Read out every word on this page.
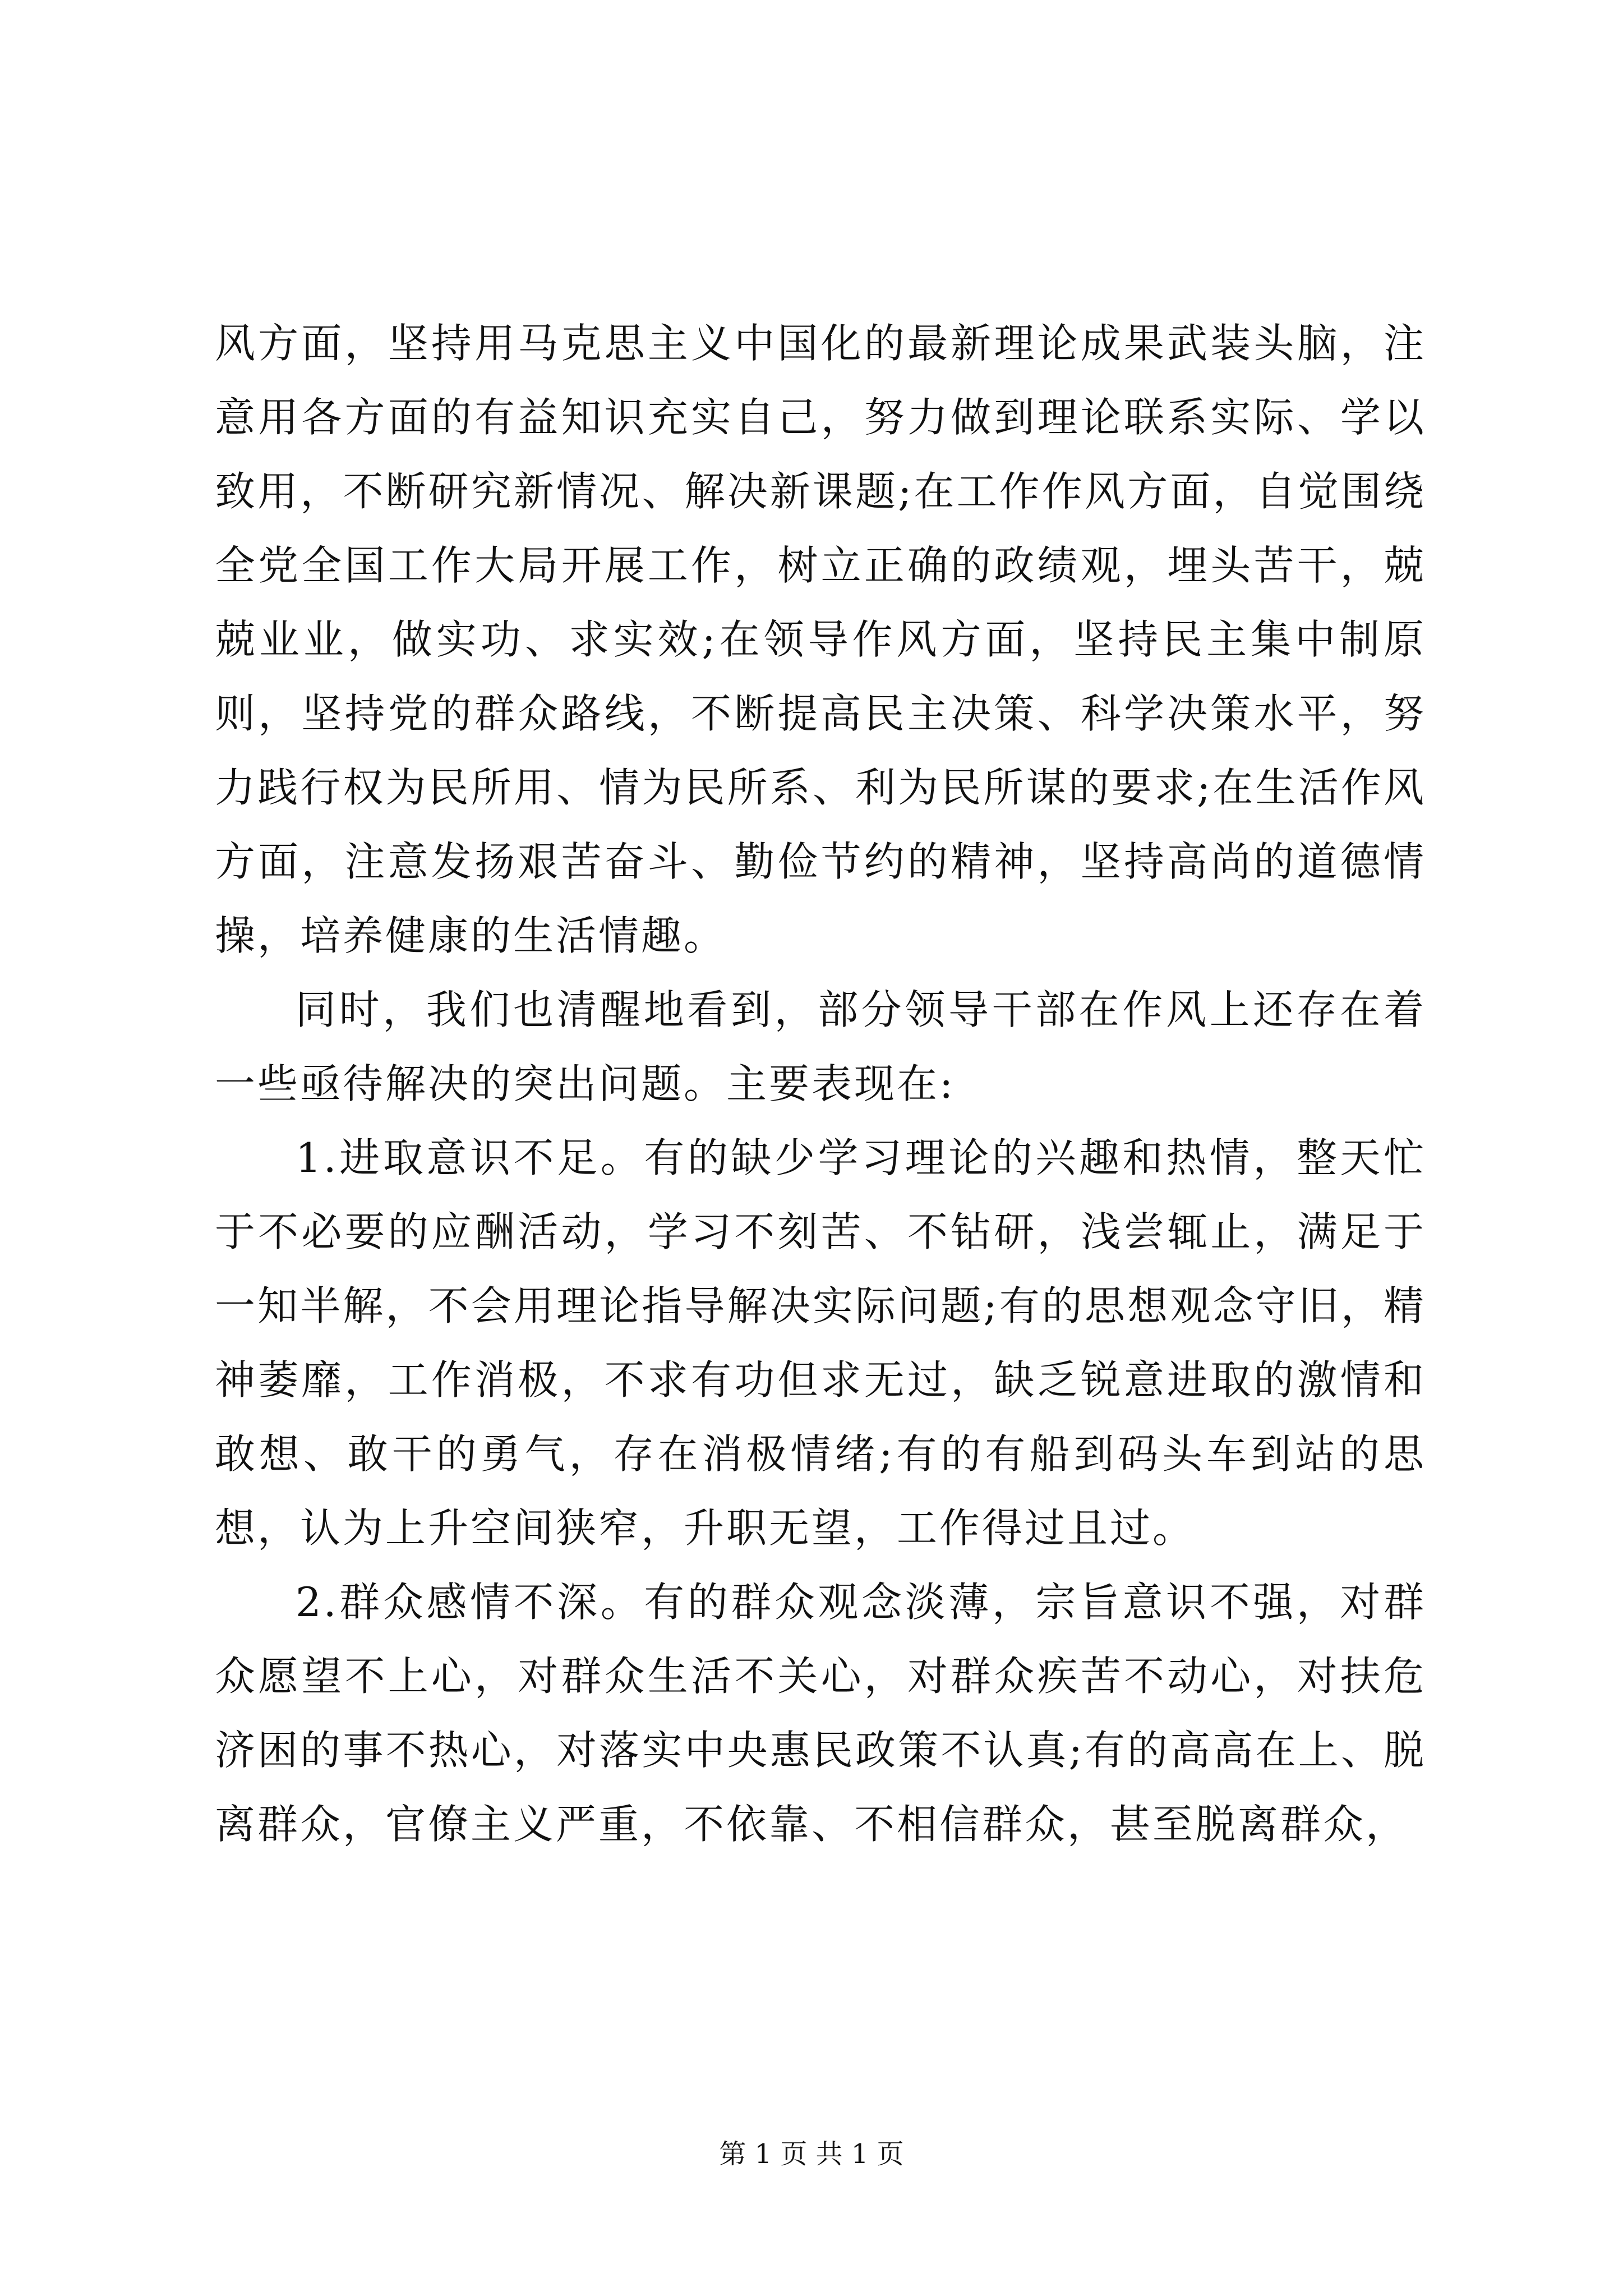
风方面，坚持用马克思主义中国化的最新理论成果武装头脑，注意用各方面的有益知识充实自己，努力做到理论联系实际、学以致用，不断研究新情况、解决新课题;在工作作风方面，自觉围绕全党全国工作大局开展工作，树立正确的政绩观，埋头苦干，兢兢业业，做实功、求实效;在领导作风方面，坚持民主集中制原则，坚持党的群众路线，不断提高民主决策、科学决策水平，努力践行权为民所用、情为民所系、利为民所谋的要求;在生活作风方面，注意发扬艰苦奋斗、勤俭节约的精神，坚持高尚的道德情操，培养健康的生活情趣。

同时，我们也清醒地看到，部分领导干部在作风上还存在着一些亟待解决的突出问题。主要表现在:

1.进取意识不足。有的缺少学习理论的兴趣和热情，整天忙于不必要的应酬活动，学习不刻苦、不钻研，浅尝辄止，满足于一知半解，不会用理论指导解决实际问题;有的思想观念守旧，精神萎靡，工作消极，不求有功但求无过，缺乏锐意进取的激情和敢想、敢干的勇气，存在消极情绪;有的有船到码头车到站的思想，认为上升空间狭窄，升职无望，工作得过且过。

2.群众感情不深。有的群众观念淡薄，宗旨意识不强，对群众愿望不上心，对群众生活不关心，对群众疾苦不动心，对扶危济困的事不热心，对落实中央惠民政策不认真;有的高高在上、脱离群众，官僚主义严重，不依靠、不相信群众，甚至脱离群众，

第 1 页 共 1 页
